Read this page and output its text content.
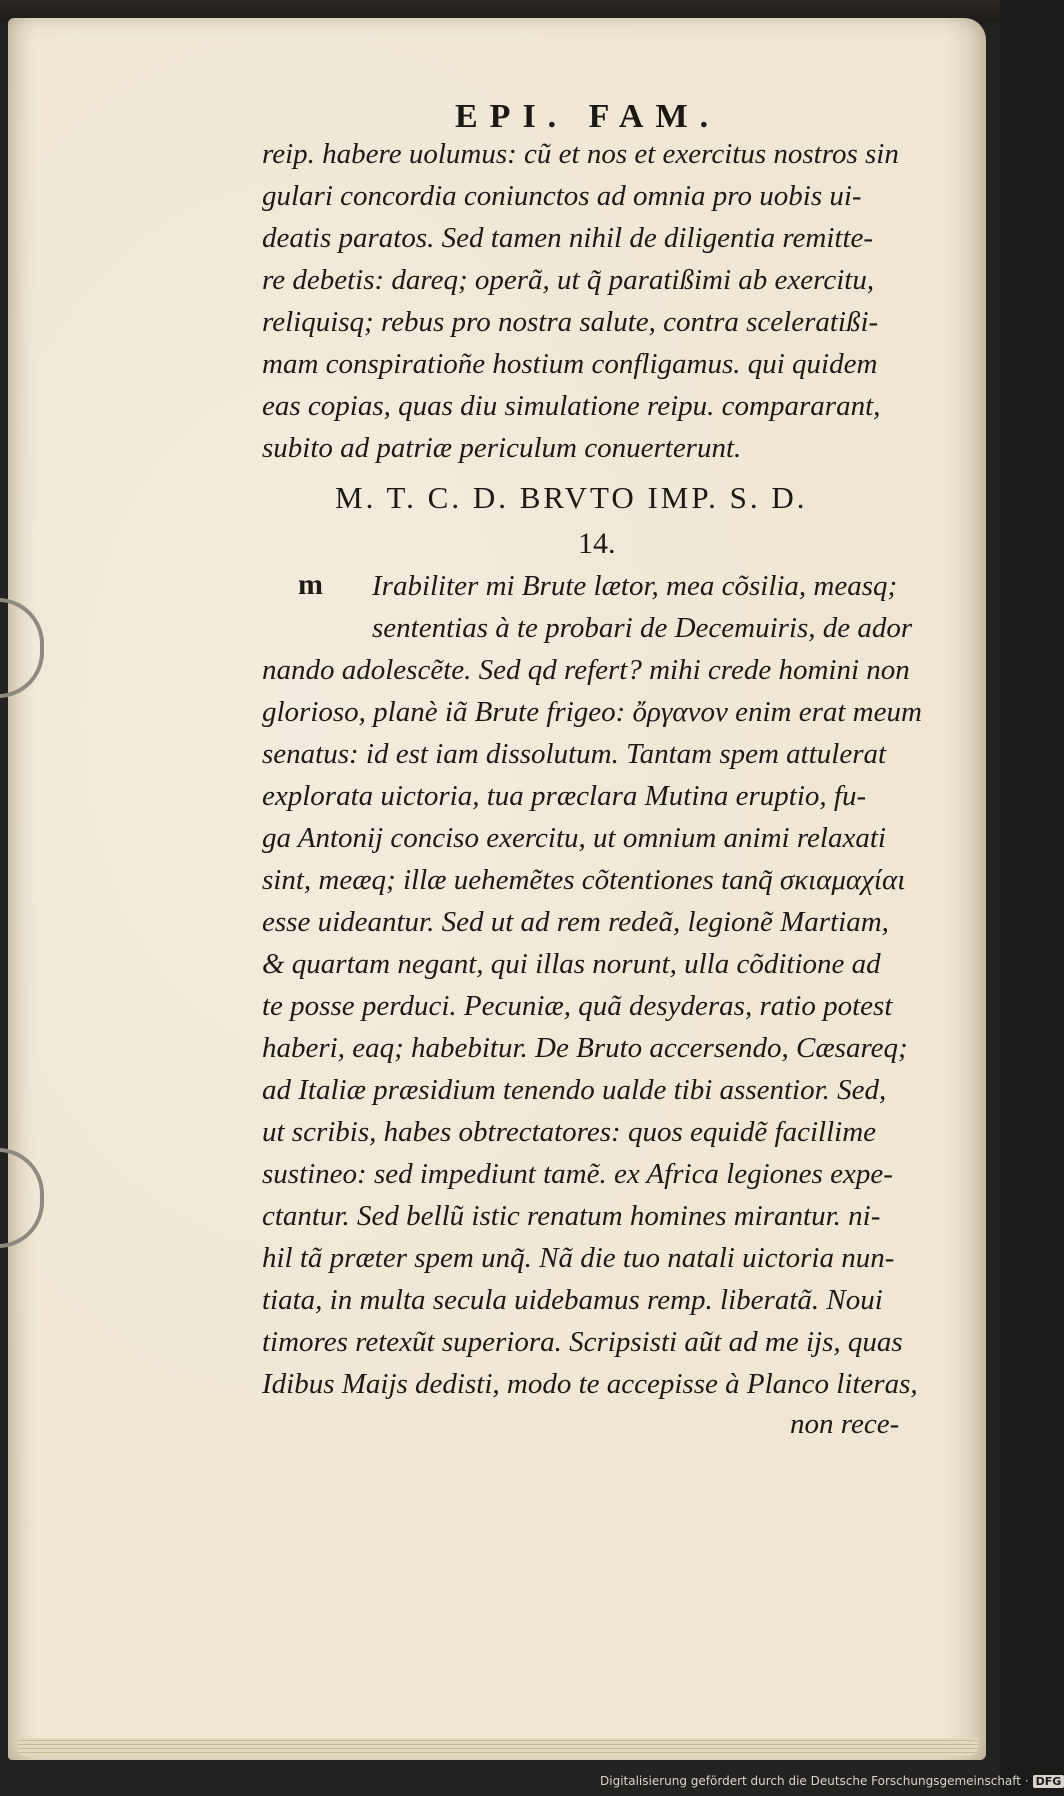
EPI. FAM.
reip. habere uolumus: cũ et nos et exercitus nostros sin
gulari concordia coniunctos ad omnia pro uobis ui-
deatis paratos. Sed tamen nihil de diligentia remitte-
re debetis: dareq; operã, ut q̃ paratißimi ab exercitu,
reliquisq; rebus pro nostra salute, contra sceleratißi-
mam conspiratioñe hostium confligamus. qui quidem
eas copias, quas diu simulatione reipu. compararant,
subito ad patriæ periculum conuerterunt.
M. T. C. D. BRVTO IMP. S. D.
14.
m Irabiliter mi Brute lætor, mea cõsilia, measq;
sententias à te probari de Decemuiris, de ador
nando adolescẽte. Sed qd refert? mihi crede homini non
glorioso, planè iã Brute frigeo: ὄργανον enim erat meum
senatus: id est iam dissolutum. Tantam spem attulerat
explorata uictoria, tua præclara Mutina eruptio, fu-
ga Antonij conciso exercitu, ut omnium animi relaxati
sint, meæq; illæ uehemẽtes cõtentiones tanq̃ σκιαμαχίαι
esse uideantur. Sed ut ad rem redeã, legionẽ Martiam,
& quartam negant, qui illas norunt, ulla cõditione ad
te posse perduci. Pecuniæ, quã desyderas, ratio potest
haberi, eaq; habebitur. De Bruto accersendo, Cæsareq;
ad Italiæ præsidium tenendo ualde tibi assentior. Sed,
ut scribis, habes obtrectatores: quos equidẽ facillime
sustineo: sed impediunt tamẽ. ex Africa legiones expe-
ctantur. Sed bellũ istic renatum homines mirantur. ni-
hil tã præter spem unq̃. Nã die tuo natali uictoria nun-
tiata, in multa secula uidebamus remp. liberatã. Noui
timores retexũt superiora. Scripsisti aũt ad me ijs, quas
Idibus Maijs dedisti, modo te accepisse à Planco literas,
non rece-
Digitalisierung gefördert durch die Deutsche Forschungsgemeinschaft · DFG
